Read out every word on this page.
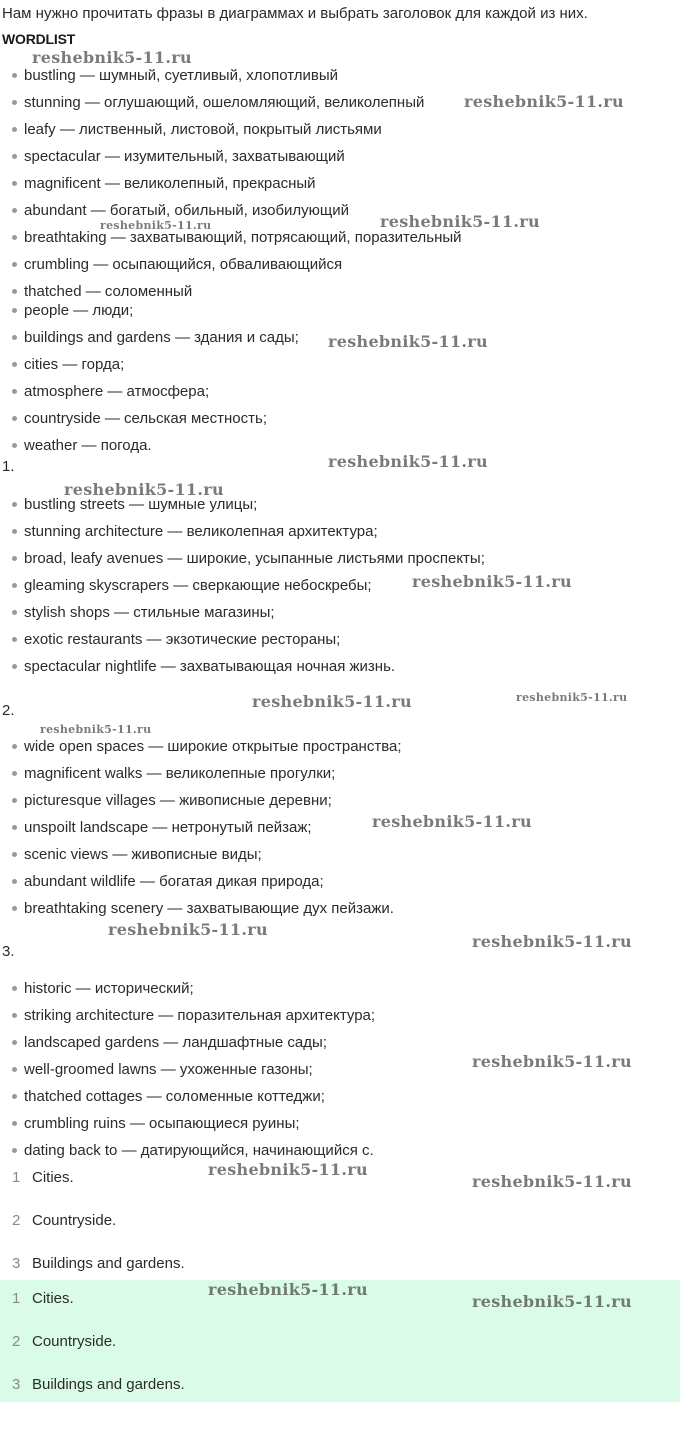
Нам нужно прочитать фразы в диаграммах и выбрать заголовок для каждой из них.
WORDLIST
bustling — шумный, суетливый, хлопотливый
stunning — оглушающий, ошеломляющий, великолепный
leafy — лиственный, листовой, покрытый листьями
spectacular — изумительный, захватывающий
magnificent — великолепный, прекрасный
abundant — богатый, обильный, изобилующий
breathtaking — захватывающий, потрясающий, поразительный
crumbling — осыпающийся, обваливающийся
thatched — соломенный
people — люди;
buildings and gardens — здания и сады;
cities — горда;
atmosphere — атмосфера;
countryside — сельская местность;
weather — погода.
1.
bustling streets — шумные улицы;
stunning architecture — великолепная архитектура;
broad, leafy avenues — широкие, усыпанные листьями проспекты;
gleaming skyscrapers — сверкающие небоскребы;
stylish shops — стильные магазины;
exotic restaurants — экзотические рестораны;
spectacular nightlife — захватывающая ночная жизнь.
2.
wide open spaces — широкие открытые пространства;
magnificent walks — великолепные прогулки;
picturesque villages — живописные деревни;
unspoilt landscape — нетронутый пейзаж;
scenic views — живописные виды;
abundant wildlife — богатая дикая природа;
breathtaking scenery — захватывающие дух пейзажи.
3.
historic — исторический;
striking architecture — поразительная архитектура;
landscaped gardens — ландшафтные сады;
well-groomed lawns — ухоженные газоны;
thatched cottages — соломенные коттеджи;
crumbling ruins — осыпающиеся руины;
dating back to — датирующийся, начинающийся с.
1 Cities.
2 Countryside.
3 Buildings and gardens.
1 Cities.
2 Countryside.
3 Buildings and gardens.
reshebnik5-11.ru
reshebnik5-11.ru
reshebnik5-11.ru	reshebnik5-11.ru
reshebnik5-11.ru
reshebnik5-11.ru
reshebnik5-11.ru
reshebnik5-11.ru
reshebnik5-11.ru	reshebnik5-11.ru
reshebnik5-11.ru
reshebnik5-11.ru
reshebnik5-11.ru
reshebnik5-11.ru
reshebnik5-11.ru
reshebnik5-11.ru
reshebnik5-11.ru
reshebnik5-11.ru
reshebnik5-11.ru
